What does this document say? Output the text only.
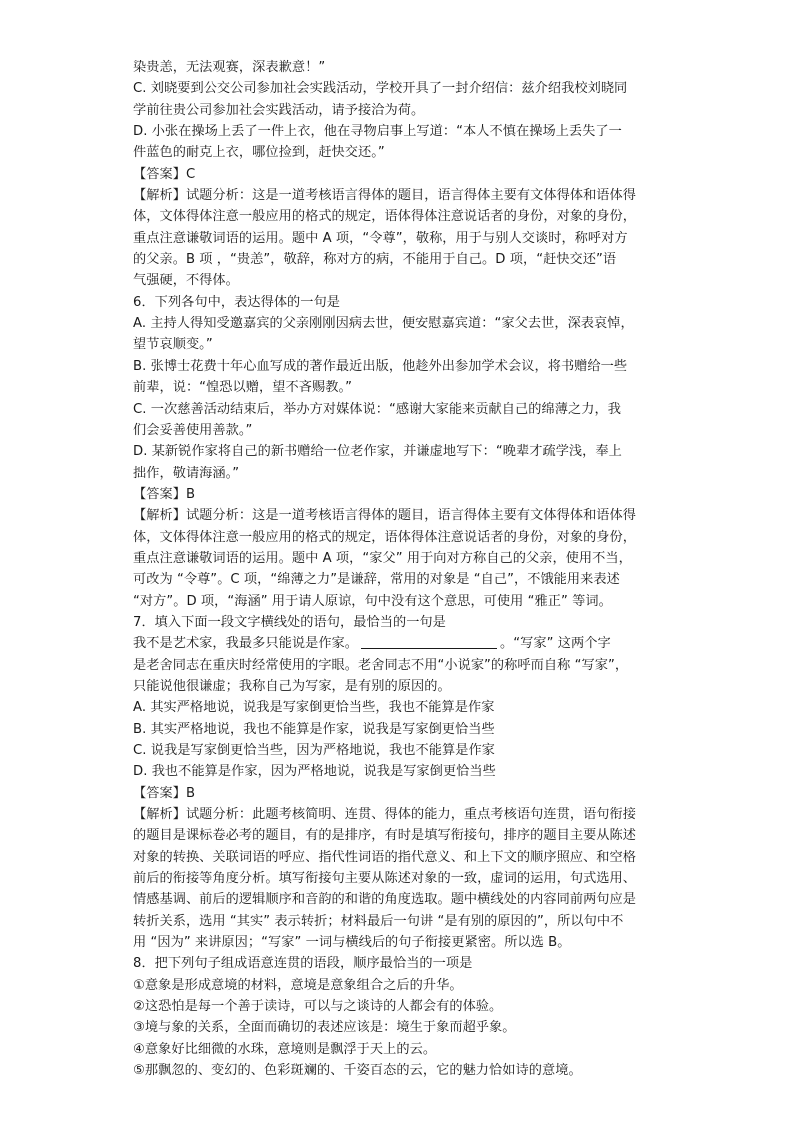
染贵恙，无法观赛，深表歉意！”
C. 刘晓要到公交公司参加社会实践活动，学校开具了一封介绍信：兹介绍我校刘晓同
学前往贵公司参加社会实践活动，请予接洽为荷。
D. 小张在操场上丢了一件上衣，他在寻物启事上写道：“本人不慎在操场上丢失了一
件蓝色的耐克上衣，哪位捡到，赶快交还。”
【答案】C
【解析】试题分析：这是一道考核语言得体的题目，语言得体主要有文体得体和语体得
体，文体得体注意一般应用的格式的规定，语体得体注意说话者的身份，对象的身份，
重点注意谦敬词语的运用。题中 A 项，“令尊”，敬称，用于与别人交谈时，称呼对方
的父亲。B 项 ，“贵恙”，敬辞，称对方的病，不能用于自己。D 项，“赶快交还”语
气强硬，不得体。
6．下列各句中，表达得体的一句是
A. 主持人得知受邀嘉宾的父亲刚刚因病去世，便安慰嘉宾道：“家父去世，深表哀悼，
望节哀顺变。”
B. 张博士花费十年心血写成的著作最近出版，他趁外出参加学术会议，将书赠给一些
前辈，说：“惶恐以赠，望不吝赐教。”
C. 一次慈善活动结束后，举办方对媒体说：“感谢大家能来贡献自己的绵薄之力，我
们会妥善使用善款。”
D. 某新锐作家将自己的新书赠给一位老作家，并谦虚地写下：“晚辈才疏学浅，奉上
拙作，敬请海涵。”
【答案】B
【解析】试题分析：这是一道考核语言得体的题目，语言得体主要有文体得体和语体得
体，文体得体注意一般应用的格式的规定，语体得体注意说话者的身份，对象的身份，
重点注意谦敬词语的运用。题中 A 项，“家父” 用于向对方称自己的父亲，使用不当，
可改为 “令尊”。C 项，“绵薄之力”是谦辞，常用的对象是 “自己”，不饿能用来表述
“对方”。D 项，“海涵” 用于请人原谅，句中没有这个意思，可使用 “雅正” 等词。
7．填入下面一段文字横线处的语句，最恰当的一句是
我不是艺术家，我最多只能说是作家。	。“写家” 这两个字
是老舍同志在重庆时经常使用的字眼。老舍同志不用“小说家”的称呼而自称 “写家”，
只能说他很谦虚；我称自己为写家，是有别的原因的。
A. 其实严格地说，说我是写家倒更恰当些，我也不能算是作家
B. 其实严格地说，我也不能算是作家，说我是写家倒更恰当些
C. 说我是写家倒更恰当些，因为严格地说，我也不能算是作家
D. 我也不能算是作家，因为严格地说，说我是写家倒更恰当些
【答案】B
【解析】试题分析：此题考核简明、连贯、得体的能力，重点考核语句连贯，语句衔接
的题目是课标卷必考的题目，有的是排序，有时是填写衔接句，排序的题目主要从陈述
对象的转换、关联词语的呼应、指代性词语的指代意义、和上下文的顺序照应、和空格
前后的衔接等角度分析。填写衔接句主要从陈述对象的一致，虚词的运用，句式选用、
情感基调、前后的逻辑顺序和音韵的和谐的角度选取。题中横线处的内容同前两句应是
转折关系，选用 “其实” 表示转折；材料最后一句讲 “是有别的原因的”，所以句中不
用 “因为” 来讲原因；“写家” 一词与横线后的句子衔接更紧密。所以选 B。
8．把下列句子组成语意连贯的语段，顺序最恰当的一项是
①意象是形成意境的材料，意境是意象组合之后的升华。
②这恐怕是每一个善于读诗，可以与之谈诗的人都会有的体验。
③境与象的关系，全面而确切的表述应该是：境生于象而超乎象。
④意象好比细微的水珠，意境则是飘浮于天上的云。
⑤那飘忽的、变幻的、色彩斑斓的、千姿百态的云，它的魅力恰如诗的意境。
